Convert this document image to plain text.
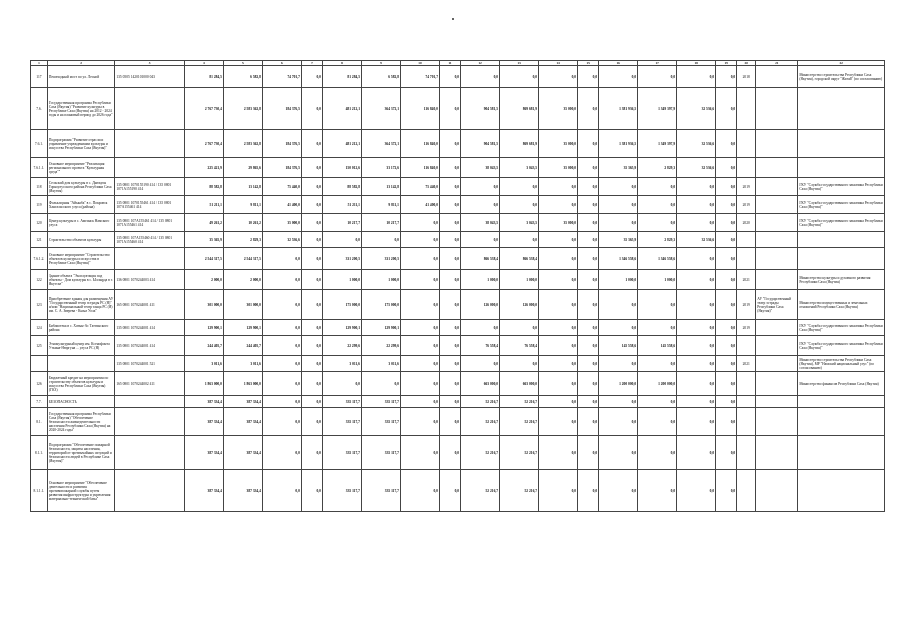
1	2	3	4	5	6	7	8	9	10	11	12	13	14	15	16	17	18	19	20	21	22
117	Пешеходный мост по ул. Лесной	135 0505 1420101000 043	81 284,5	6 582,8	74 701,7	0,0	81 284,5	6 582,8	74 701,7	0,0	0,0	0,0	0,0	0,0	0,0	0,0	0,0	0,0	2018		Министерство строительства Республики Саха (Якутия), городской округ "Жатай" (по согласованию)
7.6.	Государственная программа Республики Саха (Якутия) "Развитие культуры в Республике Саха (Якутия) на 2012 - 2024 годы и на плановый период до 2026 года"		2 767 730,4	2 583 362,8	184 376,5	0,0	481 212,1	364 372,1	116 840,0	0,0	904 581,5	869 681,9	35 000,0	0,0	1 381 936,5	1 349 397,9	32 536,6	0,0			
7.6.1.	Подпрограмма "Развитие отрасли и управление учреждениями культуры и искусства Республики Саха (Якутия)"		2 767 730,4	2 583 362,8	184 376,5	0,0	481 212,1	364 372,1	116 840,0	0,0	904 581,5	869 681,9	35 000,0	0,0	1 381 936,5	1 349 397,9	32 536,6	0,0			
7.6.1.1.	Основное мероприятие "Реализация регионального проекта "Культурная среда""		225 421,9	29 865,6	184 376,5	0,0	150 012,6	33 172,6	116 840,0	0,0	38 043,5	3 043,5	35 000,0	0,0	35 365,9	2 829,3	32 536,6	0,0			
118	Сельский дом культуры в с. Дьюкуон Горноулусского района Республики Саха (Якутия)	135 0801 1070155190 414 / 135 0801 1071А155190 414	88 582,8	13 142,8	75 440,0	0,0	88 582,8	13 142,8	75 440,0	0,0	0,0	0,0	0,0	0,0	0,0	0,0	0,0	0,0	2019		ГКУ "Служба государственного заказчика Республики Саха (Якутия)"
119	Фольклорная "Айыыба" в с. Покровск Хангаласского улуса (района)	135 0801 1070155461 414 / 135 0801 107А155461 414	51 211,1	9 811,1	41 400,0	0,0	51 211,1	9 811,1	41 400,0	0,0	0,0	0,0	0,0	0,0	0,0	0,0	0,0	0,0	2019		ГКУ "Служба государственного заказчика Республики Саха (Якутия)"
120	Центр культуры в с. Амгинск Намского улуса	135 0801 107А155461 414 / 135 0801 1071А155461 414	49 261,2	10 261,2	35 000,0	0,0	10 217,7	10 217,7	0,0	0,0	38 043,5	3 043,5	35 000,0	0,0	0,0	0,0	0,0	0,0	2020		ГКУ "Служба государственного заказчика Республики Саха (Якутия)"
121	Строительство объектов культуры	135 0801 107А155460 414 / 135 0801 1071А155460 414	35 365,9	2 829,3	32 536,6	0,0	0,0	0,0	0,0	0,0	0,0	0,0	0,0	0,0	35 365,9	2 829,3	32 536,6	0,0			
7.6.1.2.	Основное мероприятие "Строительство объектов культуры и искусства в Республике Саха (Якутия)"		2 544 317,5	2 544 317,5	0,0	0,0	331 200,5	331 200,5	0,0	0,0	866 538,4	866 538,4	0,0	0,0	1 346 558,6	1 346 558,6	0,0	0,0			
122	Здание объекта "Эксплуатация под объекты - Дом культуры в с. Ыллырда в г. Якутске"	136 0801 1070244003 414	2 000,0	2 000,0	0,0	0,0	1 000,0	1 000,0	0,0	0,0	1 000,0	1 000,0	0,0	0,0	1 000,0	1 000,0	0,0	0,0	2021		Министерство культуры и духовного развития Республики Саха (Якутия)
123	Приобретение здания для размещения АУ "Государственный театр эстрады РС (Я)" и/или "Национальный театр танца РС (Я) им. С. А. Зверева - Кыыл Уола"	165 0801 1070244001 411	301 000,0	301 000,0	0,0	0,0	175 000,0	175 000,0	0,0	0,0	126 000,0	126 000,0	0,0	0,0	0,0	0,0	0,0	0,0	2019	АУ "Государственный театр эстрады Республики Саха (Якутия)"	Министерство имущественных и земельных отношений Республики Саха (Якутия)
124	Библиотека в с. Хатын-Ас Таттинского района	135 0801 1070244001 414	129 900,1	129 900,1	0,0	0,0	129 900,1	129 900,1	0,0	0,0	0,0	0,0	0,0	0,0	0,0	0,0	0,0	0,0	2019		ГКУ "Служба государственного заказчика Республики Саха (Якутия)"
125	Этнокультурный центр им. Ксенофонта Уткина-Нюргуна ... улуса РС (Я)	135 0801 1070244001 414	244 405,7	244 405,7	0,0	0,0	22 299,6	22 299,6	0,0	0,0	76 558,4	76 558,4	0,0	0,0	145 558,6	145 558,6	0,0	0,0			ГКУ "Служба государственного заказчика Республики Саха (Якутия)"
		135 0801 1070244001 521	3 011,6	3 011,6	0,0	0,0	3 011,6	3 011,6	0,0	0,0	0,0	0,0	0,0	0,0	0,0	0,0	0,0	0,0	2021		Министерство строительства Республики Саха (Якутия), МР "Намский национальный улус" (по согласованию)
126	Бюджетный кредит на мероприятия по строительству объектов культуры и искусства Республики Саха (Якутия) (ГКЗ)	165 0801 1070244002 411	1 863 000,0	1 863 000,0	0,0	0,0	0,0	0,0	0,0	0,0	663 000,0	663 000,0	0,0	0,0	1 200 000,0	1 200 000,0	0,0	0,0			Министерство финансов Республики Саха (Якутия)
7.7.	БЕЗОПАСНОСТЬ		387 334,4	387 334,4	0,0	0,0	335 117,7	335 117,7	0,0	0,0	52 216,7	52 216,7	0,0	0,0	0,0	0,0	0,0	0,0			
8.1.	Государственная программа Республики Саха (Якутия) "Обеспечение безопасности жизнедеятельности населения Республики Саха (Якутия) на 2020-2024 годы"		387 334,4	387 334,4	0,0	0,0	335 117,7	335 117,7	0,0	0,0	52 216,7	52 216,7	0,0	0,0	0,0	0,0	0,0	0,0			
8.1.1.	Подпрограмма "Обеспечение пожарной безопасности, защиты населения, территорий от чрезвычайных ситуаций и безопасности людей в Республике Саха (Якутия)"		387 334,4	387 334,4	0,0	0,0	335 117,7	335 117,7	0,0	0,0	52 216,7	52 216,7	0,0	0,0	0,0	0,0	0,0	0,0			
8.1.1.1.	Основное мероприятие "Обеспечение деятельности и развития противопожарной службы путем развития инфраструктуры и укрепления материально-технической базы"		387 334,4	387 334,4	0,0	0,0	335 117,7	335 117,7	0,0	0,0	52 216,7	52 216,7	0,0	0,0	0,0	0,0	0,0	0,0			
